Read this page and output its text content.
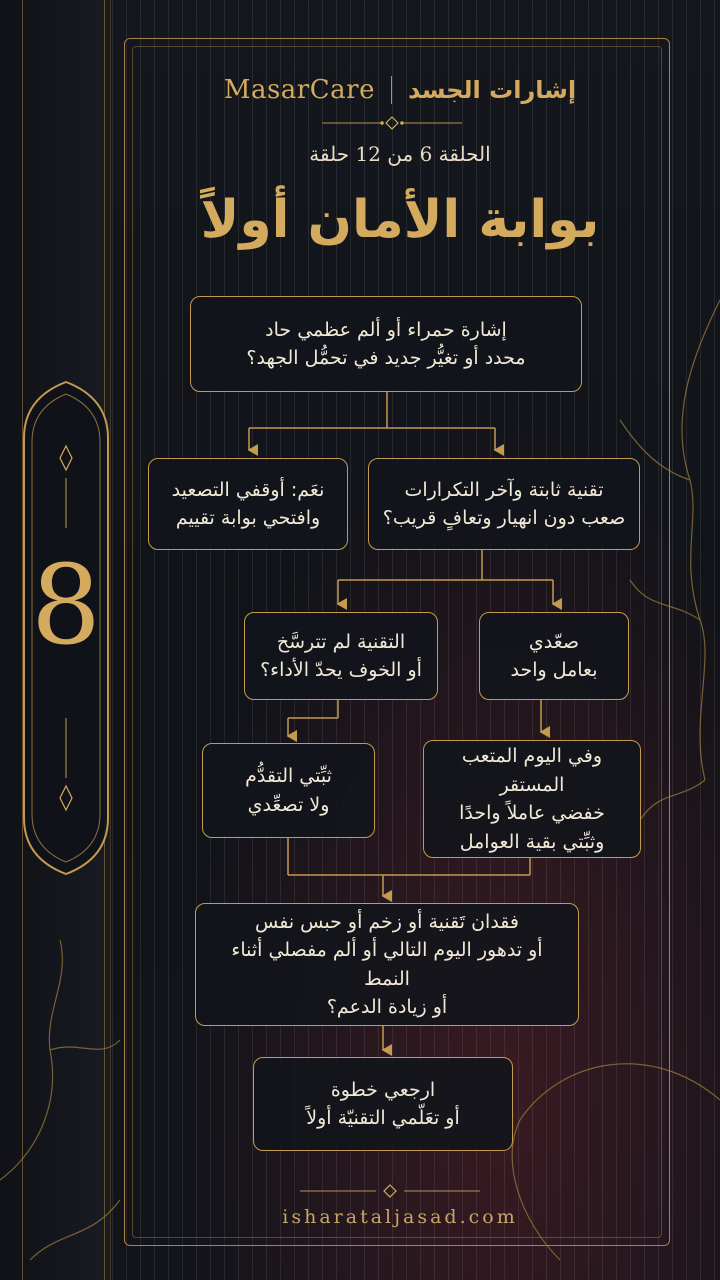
MasarCare إشارات الجسد
الحلقة 6 من 12 حلقة
بوابة الأمان أولاً
8
إشارة حمراء أو ألم عظمي حاد
محدد أو تغيُّر جديد في تحمُّل الجهد؟
نعَم: أوقفي التصعيد
وافتحي بوابة تقييم
تقنية ثابتة وآخر التكرارات
صعب دون انهيار وتعافٍ قريب؟
التقنية لم تترسَّخ
أو الخوف يحدّ الأداء؟
صعّدي
بعامل واحد
ثبِّتي التقدُّم
ولا تصعِّدي
وفي اليوم المتعب المستقر
خفضي عاملاً واحدًا
وثبِّتي بقية العوامل
فقدان تَقنية أو زخم أو حبس نفس
أو تدهور اليوم التالي أو ألم مفصلي أثناء النمط
أو زيادة الدعم؟
ارجعي خطوة
أو تعَلّمي التقنيّة أولاً
isharataljasad.com
